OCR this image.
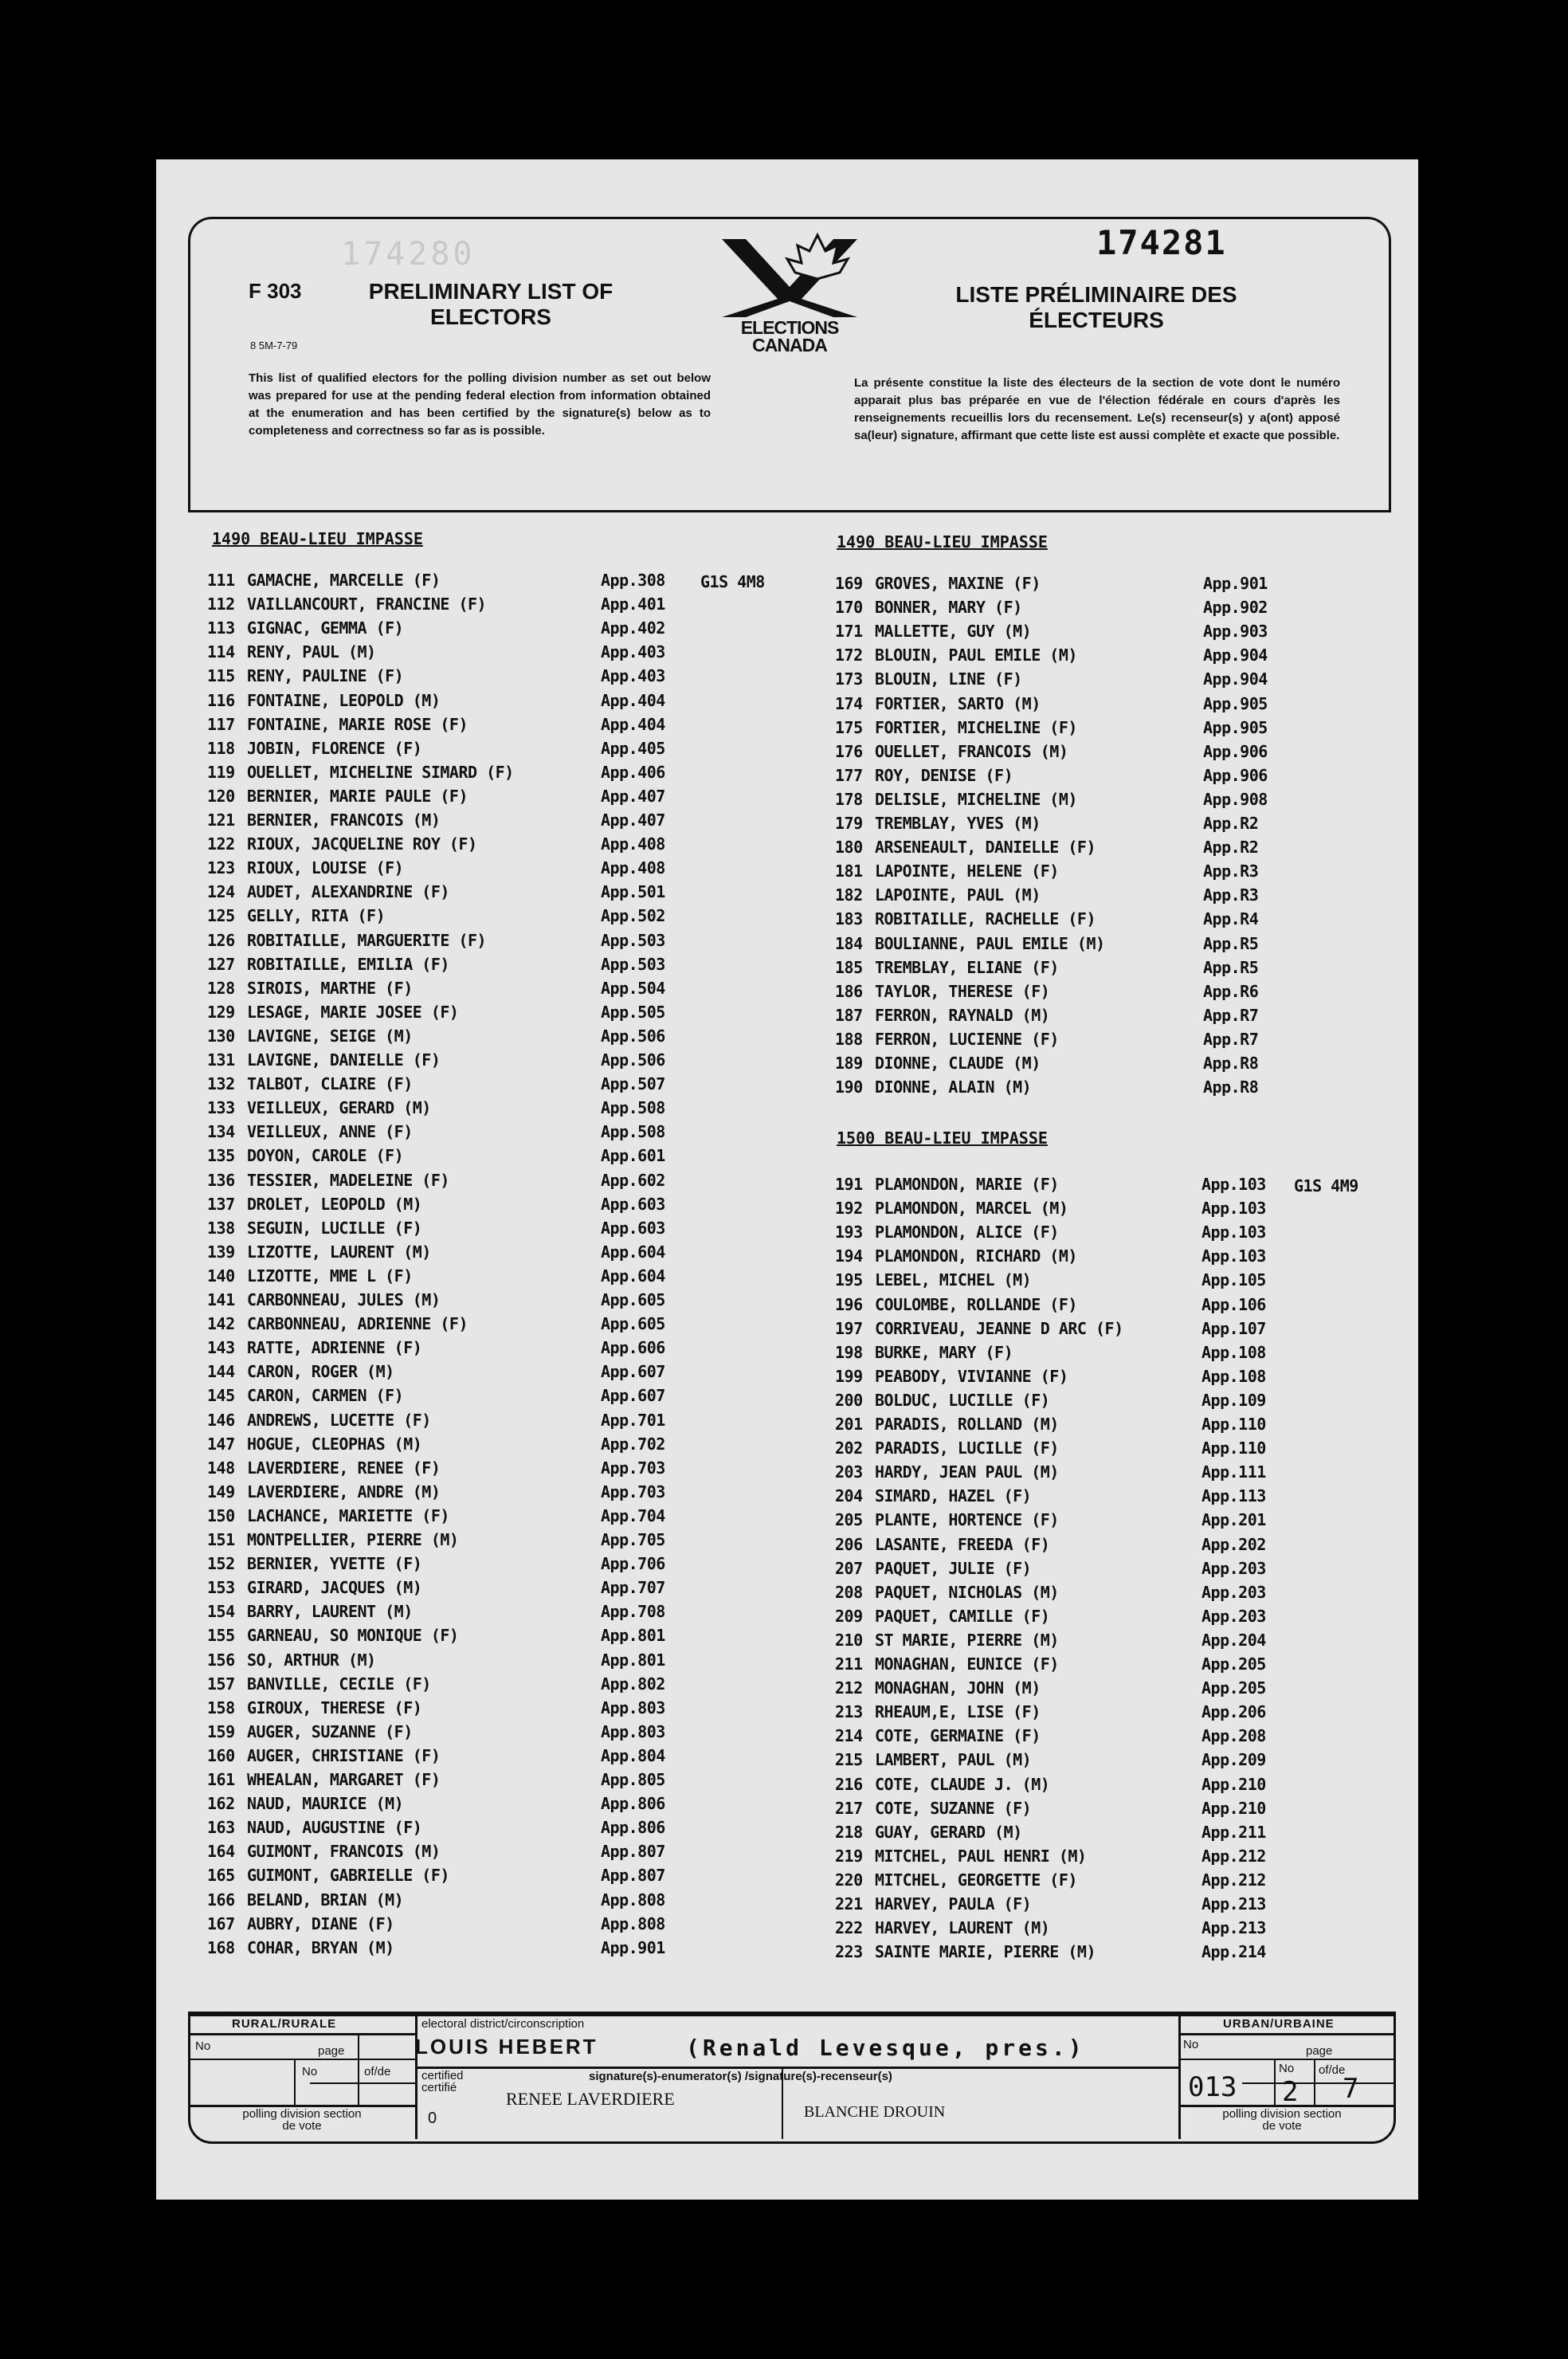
174280
F 303
8 5M-7-79
PRELIMINARY LIST OF ELECTORS	ELECTIONS CANADA
174281
LISTE PRÉLIMINAIRE DES ÉLECTEURS
This list of qualified electors for the polling division number as set out below was prepared for use at the pending federal election from information obtained at the enumeration and has been certified by the signature(s) below as to completeness and correctness so far as is possible.
La présente constitue la liste des électeurs de la section de vote dont le numéro apparait plus bas préparée en vue de l'élection fédérale en cours d'après les renseignements recueillis lors du recensement. Le(s) recenseur(s) y a(ont) apposé sa(leur) signature, affirmant que cette liste est aussi complète et exacte que possible.
1490 BEAU-LIEU IMPASSE
111 GAMACHE, MARCELLE (F)	App.308
112 VAILLANCOURT, FRANCINE (F)	App.401
113 GIGNAC, GEMMA (F)	App.402
114 RENY, PAUL (M)	App.403
115 RENY, PAULINE (F)	App.403
116 FONTAINE, LEOPOLD (M)	App.404
117 FONTAINE, MARIE ROSE (F)	App.404
118 JOBIN, FLORENCE (F)	App.405
119 OUELLET, MICHELINE SIMARD (F)	App.406
120 BERNIER, MARIE PAULE (F)	App.407
121 BERNIER, FRANCOIS (M)	App.407
122 RIOUX, JACQUELINE ROY (F)	App.408
123 RIOUX, LOUISE (F)	App.408
124 AUDET, ALEXANDRINE (F)	App.501
125 GELLY, RITA (F)	App.502
126 ROBITAILLE, MARGUERITE (F)	App.503
127 ROBITAILLE, EMILIA (F)	App.503
128 SIROIS, MARTHE (F)	App.504
129 LESAGE, MARIE JOSEE (F)	App.505
130 LAVIGNE, SEIGE (M)	App.506
131 LAVIGNE, DANIELLE (F)	App.506
132 TALBOT, CLAIRE (F)	App.507
133 VEILLEUX, GERARD (M)	App.508
134 VEILLEUX, ANNE (F)	App.508
135 DOYON, CAROLE (F)	App.601
136 TESSIER, MADELEINE (F)	App.602
137 DROLET, LEOPOLD (M)	App.603
138 SEGUIN, LUCILLE (F)	App.603
139 LIZOTTE, LAURENT (M)	App.604
140 LIZOTTE, MME L (F)	App.604
141 CARBONNEAU, JULES (M)	App.605
142 CARBONNEAU, ADRIENNE (F)	App.605
143 RATTE, ADRIENNE (F)	App.606
144 CARON, ROGER (M)	App.607
145 CARON, CARMEN (F)	App.607
146 ANDREWS, LUCETTE (F)	App.701
147 HOGUE, CLEOPHAS (M)	App.702
148 LAVERDIERE, RENEE (F)	App.703
149 LAVERDIERE, ANDRE (M)	App.703
150 LACHANCE, MARIETTE (F)	App.704
151 MONTPELLIER, PIERRE (M)	App.705
152 BERNIER, YVETTE (F)	App.706
153 GIRARD, JACQUES (M)	App.707
154 BARRY, LAURENT (M)	App.708
155 GARNEAU, SO MONIQUE (F)	App.801
156 SO, ARTHUR (M)	App.801
157 BANVILLE, CECILE (F)	App.802
158 GIROUX, THERESE (F)	App.803
159 AUGER, SUZANNE (F)	App.803
160 AUGER, CHRISTIANE (F)	App.804
161 WHEALAN, MARGARET (F)	App.805
162 NAUD, MAURICE (M)	App.806
163 NAUD, AUGUSTINE (F)	App.806
164 GUIMONT, FRANCOIS (M)	App.807
165 GUIMONT, GABRIELLE (F)	App.807
166 BELAND, BRIAN (M)	App.808
167 AUBRY, DIANE (F)	App.808
168 COHAR, BRYAN (M)	App.901
G1S 4M8
1490 BEAU-LIEU IMPASSE
169 GROVES, MAXINE (F)	App.901
170 BONNER, MARY (F)	App.902
171 MALLETTE, GUY (M)	App.903
172 BLOUIN, PAUL EMILE (M)	App.904
173 BLOUIN, LINE (F)	App.904
174 FORTIER, SARTO (M)	App.905
175 FORTIER, MICHELINE (F)	App.905
176 OUELLET, FRANCOIS (M)	App.906
177 ROY, DENISE (F)	App.906
178 DELISLE, MICHELINE (M)	App.908
179 TREMBLAY, YVES (M)	App.R2
180 ARSENEAULT, DANIELLE (F)	App.R2
181 LAPOINTE, HELENE (F)	App.R3
182 LAPOINTE, PAUL (M)	App.R3
183 ROBITAILLE, RACHELLE (F)	App.R4
184 BOULIANNE, PAUL EMILE (M)	App.R5
185 TREMBLAY, ELIANE (F)	App.R5
186 TAYLOR, THERESE (F)	App.R6
187 FERRON, RAYNALD (M)	App.R7
188 FERRON, LUCIENNE (F)	App.R7
189 DIONNE, CLAUDE (M)	App.R8
190 DIONNE, ALAIN (M)	App.R8
1500 BEAU-LIEU IMPASSE
191 PLAMONDON, MARIE (F)	App.103
192 PLAMONDON, MARCEL (M)	App.103
193 PLAMONDON, ALICE (F)	App.103
194 PLAMONDON, RICHARD (M)	App.103
195 LEBEL, MICHEL (M)	App.105
196 COULOMBE, ROLLANDE (F)	App.106
197 CORRIVEAU, JEANNE D ARC (F)	App.107
198 BURKE, MARY (F)	App.108
199 PEABODY, VIVIANNE (F)	App.108
200 BOLDUC, LUCILLE (F)	App.109
201 PARADIS, ROLLAND (M)	App.110
202 PARADIS, LUCILLE (F)	App.110
203 HARDY, JEAN PAUL (M)	App.111
204 SIMARD, HAZEL (F)	App.113
205 PLANTE, HORTENCE (F)	App.201
206 LASANTE, FREEDA (F)	App.202
207 PAQUET, JULIE (F)	App.203
208 PAQUET, NICHOLAS (M)	App.203
209 PAQUET, CAMILLE (F)	App.203
210 ST MARIE, PIERRE (M)	App.204
211 MONAGHAN, EUNICE (F)	App.205
212 MONAGHAN, JOHN (M)	App.205
213 RHEAUM,E, LISE (F)	App.206
214 COTE, GERMAINE (F)	App.208
215 LAMBERT, PAUL (M)	App.209
216 COTE, CLAUDE J. (M)	App.210
217 COTE, SUZANNE (F)	App.210
218 GUAY, GERARD (M)	App.211
219 MITCHEL, PAUL HENRI (M)	App.212
220 MITCHEL, GEORGETTE (F)	App.212
221 HARVEY, PAULA (F)	App.213
222 HARVEY, LAURENT (M)	App.213
223 SAINTE MARIE, PIERRE (M)	App.214
G1S 4M9
RURAL/RURALE
No	page
No	of/de
polling division section de vote
electoral district/circonscription
LOUIS HEBERT	(Renald Levesque, pres.)
certified certifié
0
signature(s)-enumerator(s) /signature(s)-recenseur(s)
RENEE LAVERDIERE
BLANCHE DROUIN
URBAN/URBAINE
No	page
No of/de
013 2 7
polling division section de vote
